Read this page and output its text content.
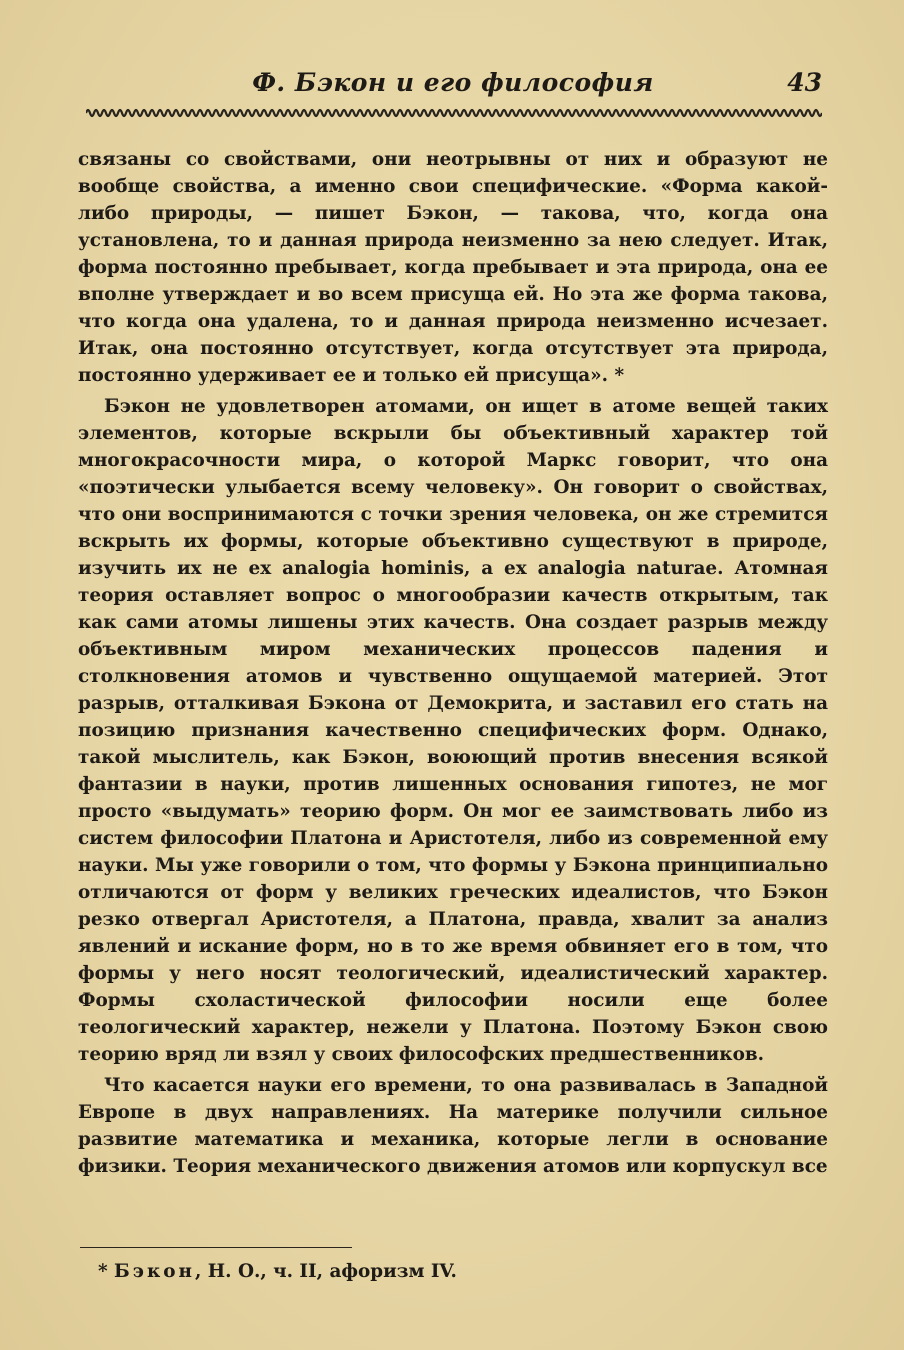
Ф. Бэкон и его философия	43

связаны со свойствами, они неотрывны от них и образуют не вообще свойства, а именно свои специфические. «Форма какой-либо природы, — пишет Бэкон, — такова, что, когда она установлена, то и данная природа неизменно за нею следует. Итак, форма постоянно пребывает, когда пребывает и эта природа, она ее вполне утверждает и во всем присуща ей. Но эта же форма такова, что когда она удалена, то и данная природа неизменно исчезает. Итак, она постоянно отсутствует, когда отсутствует эта природа, постоянно удерживает ее и только ей присуща». *

Бэкон не удовлетворен атомами, он ищет в атоме вещей таких элементов, которые вскрыли бы объективный характер той многокрасочности мира, о которой Маркс говорит, что она «поэтически улыбается всему человеку». Он говорит о свойствах, что они воспринимаются с точки зрения человека, он же стремится вскрыть их формы, которые объективно существуют в природе, изучить их не ex analogia hominis, а ex analogia naturae. Атомная теория оставляет вопрос о многообразии качеств открытым, так как сами атомы лишены этих качеств. Она создает разрыв между объективным миром механических процессов падения и столкновения атомов и чувственно ощущаемой материей. Этот разрыв, отталкивая Бэкона от Демокрита, и заставил его стать на позицию признания качественно специфических форм. Однако, такой мыслитель, как Бэкон, воюющий против внесения всякой фантазии в науки, против лишенных основания гипотез, не мог просто «выдумать» теорию форм. Он мог ее заимствовать либо из систем философии Платона и Аристотеля, либо из современной ему науки. Мы уже говорили о том, что формы у Бэкона принципиально отличаются от форм у великих греческих идеалистов, что Бэкон резко отвергал Аристотеля, а Платона, правда, хвалит за анализ явлений и искание форм, но в то же время обвиняет его в том, что формы у него носят теологический, идеалистический характер. Формы схоластической философии носили еще более теологический характер, нежели у Платона. Поэтому Бэкон свою теорию вряд ли взял у своих философских предшественников.

Что касается науки его времени, то она развивалась в Западной Европе в двух направлениях. На материке получили сильное развитие математика и механика, которые легли в основание физики. Теория механического движения атомов или корпускул все

* Бэкон, Н. О., ч. II, афоризм IV.
